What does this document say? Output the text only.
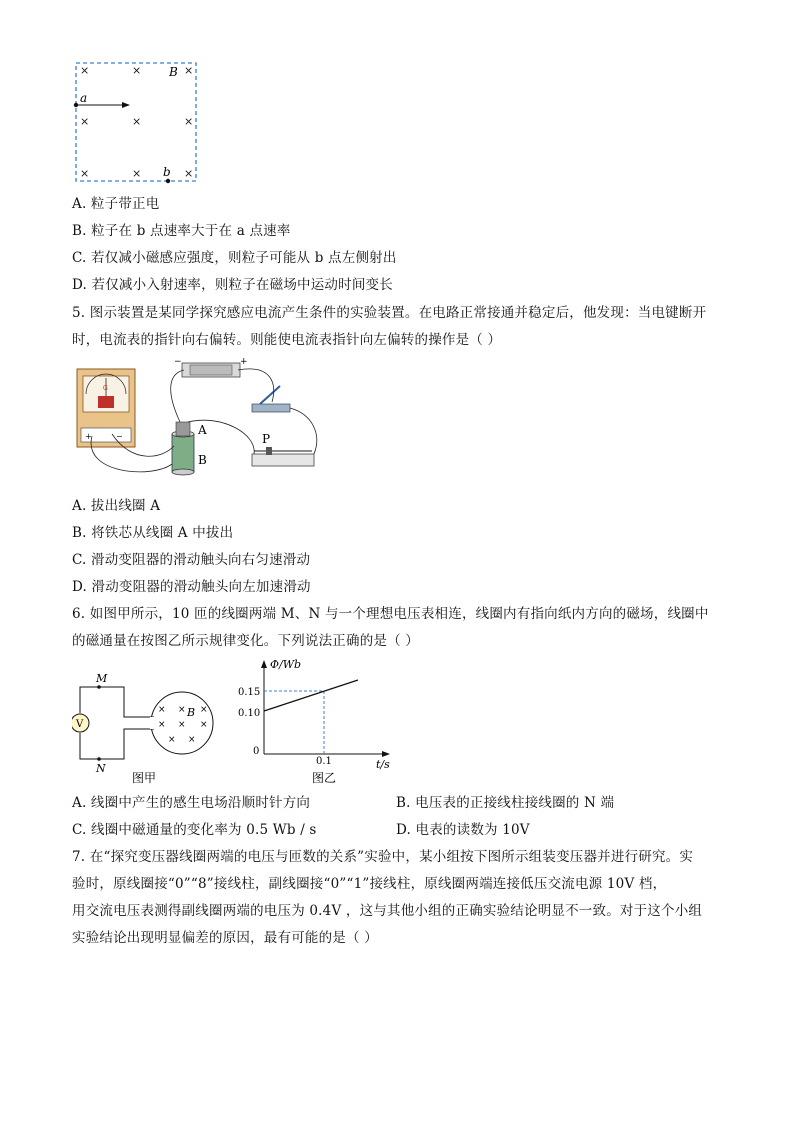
×	×
×	×	×
×	×	×
×
B
a
b
A. 粒子带正电
B. 粒子在 b 点速率大于在 a 点速率
C. 若仅减小磁感应强度，则粒子可能从 b 点左侧射出
D. 若仅减小入射速率，则粒子在磁场中运动时间变长
5. 图示装置是某同学探究感应电流产生条件的实验装置。在电路正常接通并稳定后，他发现：当电键断开
时，电流表的指针向右偏转。则能使电流表指针向左偏转的操作是（ ）
G
+	−
−	+
A
B
P
A. 拔出线圈 A
B. 将铁芯从线圈 A 中拔出
C. 滑动变阻器的滑动触头向右匀速滑动
D. 滑动变阻器的滑动触头向左加速滑动
6. 如图甲所示，10 匝的线圈两端 M、N 与一个理想电压表相连，线圈内有指向纸内方向的磁场，线圈中
的磁通量在按图乙所示规律变化。下列说法正确的是（ ）
M
V
N
× × ×
× × ×
× ×
B
图甲
Φ/Wb
t/s
0.15
0.10
0
0.1
图乙
A. 线圈中产生的感生电场沿顺时针方向	B. 电压表的正接线柱接线圈的 N 端
C. 线圈中磁通量的变化率为 0.5 Wb / s	D. 电表的读数为 10V
7. 在“探究变压器线圈两端的电压与匝数的关系”实验中，某小组按下图所示组装变压器并进行研究。实
验时，原线圈接“0”“8”接线柱，副线圈接“0”“1”接线柱，原线圈两端连接低压交流电源 10V 档，
用交流电压表测得副线圈两端的电压为 0.4V ，这与其他小组的正确实验结论明显不一致。对于这个小组
实验结论出现明显偏差的原因，最有可能的是（ ）
